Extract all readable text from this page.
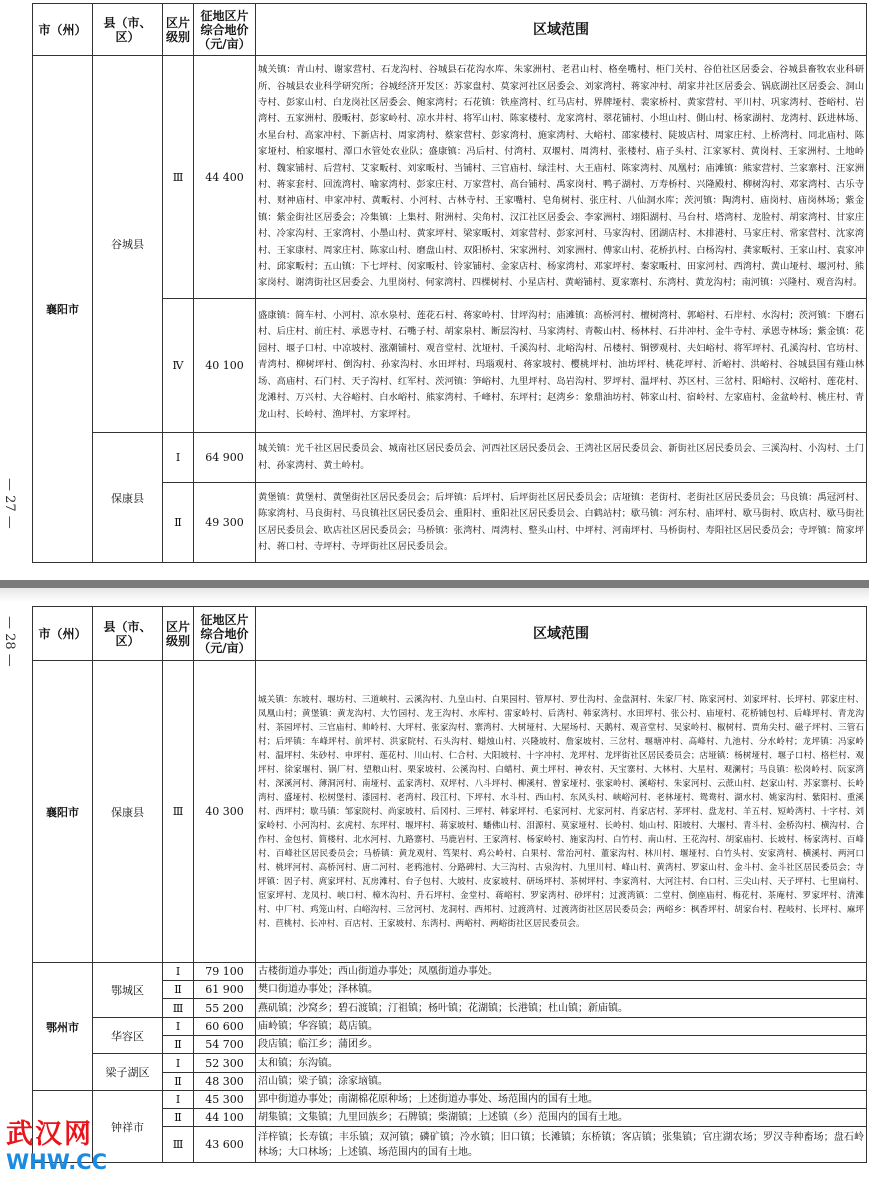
— 27 —
市（州）	县（市、区）	区片级别	征地区片综合地价（元/亩）	区域范围
襄阳市	谷城县	Ⅲ	44 400	城关镇：青山村、谢家营村、石龙沟村、谷城县石花沟水库、朱家洲村、老君山村、格垒嘴村、柜门关村、谷伯社区居委会、谷城县畜牧农业科研所、谷城县农业科学研究所；谷城经济开发区：苏家盘村、莫家河社区居委会、刘家湾村、蒋家冲村、胡家井社区居委会、锅底湖社区居委会、洞山寺村、彭家山村、白龙岗社区居委会、鲍家湾村；石花镇：铁座湾村、红马店村、界牌垭村、裴家桥村、黄家营村、平川村、巩家湾村、苍峪村、岩湾村、五家洲村、殷畈村、彭家岭村、凉水井村、将军山村、陈家楼村、龙家湾村、翠花铺村、小坦山村、側山村、杨家湖村、龙湾村、跃进林场、水星台村、高家冲村、下新店村、周家湾村、蔡家营村、彭家湾村、施家湾村、大峪村、邵家楼村、陡坡店村、周家庄村、上桥湾村、同北庙村、陈家垭村、柏家堰村、潭口水管处农业队；盛康镇：冯后村、付湾村、双堰村、周湾村、张楼村、庙子头村、江家冢村、黄岗村、王家洲村、土地岭村、魏家铺村、后营村、艾家畈村、刘家畈村、当铺村、三官庙村、绿洼村、大王庙村、陈家湾村、凤凰村；庙滩镇：熊家营村、兰家寨村、汪家洲村、蒋家套村、回流湾村、喻家湾村、彭家庄村、万家营村、高台铺村、禹家岗村、鸭子湖村、万寿桥村、兴隆殿村、柳树沟村、邓家湾村、古乐寺村、财神庙村、申家冲村、黄畈村、小河村、古林寺村、王家嘴村、皂角树村、张庄村、八仙洞水库；茨河镇：陶湾村、庙岗村、庙岗林场；紫金镇：紫金街社区居委会；冷集镇：上集村、附洲村、尖角村、汉江社区居委会、李家洲村、翊阳湖村、马台村、塔湾村、龙脸村、胡家湾村、甘家庄村、冷家沟村、王家湾村、小墨山村、黄家坪村、梁家畈村、刘家营村、彭家河村、马家沟村、团湖店村、木排港村、马家庄村、常家营村、沈家湾村、王家康村、周家庄村、陈家山村、磨盘山村、双阳桥村、宋家洲村、刘家洲村、傅家山村、花桥扒村、白杨沟村、龚家畈村、王家山村、袁家冲村、邱家畈村；五山镇：下七坪村、闵家畈村、铃家铺村、金家店村、杨家湾村、邓家坪村、秦家畈村、田家河村、西湾村、黄山垭村、堰河村、熊家岗村、谢湾街社区居委会、九里岗村、何家湾村、四棵树村、小星店村、黄峪铺村、夏家寨村、东湾村、黄龙沟村；南河镇：兴隆村、观音沟村。
		Ⅳ	40 100	盛康镇：简车村、小河村、凉水泉村、莲花石村、蒋家岭村、甘坪沟村；庙滩镇：高桥河村、檀树湾村、郭峪村、石岸村、水沟村；茨河镇：下磨石村、后庄村、前庄村、承恩寺村、石嘴子村、胡家泉村、断层沟村、马家湾村、青鞍山村、杨林村、石井冲村、金牛寺村、承恩寺林场；紫金镇：花园村、堰子口村、中凉坡村、涨潮铺村、观音堂村、沈垭村、千溪沟村、北峪沟村、吊楼村、铜锣观村、夫妇峪村、将军坪村、孔溪沟村、官坊村、青湾村、柳树坪村、倒沟村、孙家沟村、水田坪村、玛瑙观村、蒋家坡村、樱桃坪村、油坊坪村、桃花坪村、沂峪村、洪峪村、谷城县国有薤山林场、高庙村、石门村、天子沟村、红军村、茨河镇：笋峪村、九里坪村、岛岩沟村、罗坪村、温坪村、苏区村、三岔村、阳峪村、汉峪村、莲花村、龙滩村、万兴村、大谷峪村、白水峪村、熊家湾村、千峰村、东坪村；赵湾乡：象鼎油坊村、韩家山村、宿岭村、左家庙村、金盆岭村、桃庄村、青龙山村、长岭村、渔坪村、方家坪村。
	保康县	Ⅰ	64 900	城关镇：光千社区居民委员会、城南社区居民委员会、河西社区居民委员会、王湾社区居民委员会、新街社区居民委员会、三溪沟村、小沟村、土门村、孙家湾村、黄土岭村。
		Ⅱ	49 300	黄堡镇：黄堡村、黄堡街社区居民委员会；后坪镇：后坪村、后坪街社区居民委员会；店垭镇：老街村、老街社区居民委员会；马良镇：禹冠河村、陈家湾村、马良街村、马良镇社区居民委员会、重阳村、重阳社区居民委员会、白鹤站村；歇马镇：河东村、庙坪村、歇马街村、欧店村、歇马街社区居民委员会、欧店社区居民委员会；马桥镇：张湾村、周湾村、整头山村、中坪村、河南坪村、马桥街村、寿阳社区居民委员会；寺坪镇：简家坪村、蒋口村、寺坪村、寺坪街社区居民委员会。
— 28 — 市（州）	县（市、区）	区片级别	征地区片综合地价（元/亩）	区域范围
襄阳市	保康县	Ⅲ	40 300	城关镇：东坡村、堰坊村、三道峡村、云溪沟村、九皇山村、白果园村、管厚村、罗仕沟村、金盘洞村、朱家厂村、陈家河村、刘家坪村、长坪村、郭家庄村、凤凰山村；黄堡镇：黄龙沟村、大竹园村、龙王沟村、水库村、雷家岭村、后湾村、韩家湾村、水田坪村、张公村、庙垭村、花桥铺包村、后峰坪村、青龙沟村、茶园坪村、三官庙村、帅岭村、大坪村、张家沟村、寨湾村、大树垭村、大屋场村、天鹅村、观音堂村、吴家岭村、椒树村、贾角尖村、磁子坪村、三管石村；后坪镇：车峰坪村、前坪村、洪家院村、石头沟村、蜡烛山村、兴隆坡村、詹家坡村、三岔村、堰塘冲村、高峰村、九池村、分水岭村；龙坪镇：冯家岭村、温坪村、朱砂村、申坪村、莲花村、川山村、仁合村、大阳坡村、十字冲村、龙坪村、龙坪街社区居民委员会；店垭镇：杨树垭村、堰子口村、格栏村、观坪村、徐家堰村、锅厂村、望粮山村、栗家坡村、公溪沟村、白蜡村、黄土坪村、神农村、天宝寨村、大林村、大星村、观澜村；马良镇：松岗岭村、阮家湾村、深溪河村、薄洞河村、南垭村、孟家湾村、双坪村、八斗坪村、柳溪村、曾家垭村、张家岭村、溪峪村、朱家河村、云蔗山村、赵家山村、苏家寨村、长岭湾村、盛垭村、松树堡村、漆园村、老湾村、段江村、下坪村、水斗村、西山村、东风头村、峡峪河村、老林垭村、鸳鸯村、湖水村、姚家沟村、紫阳村、重溪村、西坪村；歇马镇：邹家院村、尚家坡村、后冈村、三坪村、韩家坪村、毛家河村、尤家河村、肖家店村、茅坪村、盘龙村、羊五村、短岭湾村、十字村、刘家岭村、小河沟村、玄虎村、东坪村、堰坪村、蒋家坡村、蟠佛山村、泪源村、莫家垭村、长岭村、灿山村、阳坡村、大堰村、青斗村、金桥沟村、横沟村、合作村、金包村、简楼村、北水河村、九路寨村、马鹿岩村、王家湾村、杨家岭村、施家沟村、白竹村、南山村、王花沟村、胡家庙村、长坡村、杨家湾村、百峰村、百峰社区居民委员会；马桥镇：黄龙观村、笃架村、鸡公岭村、白果村、常治河村、董家沟村、林川村、堰垭村、白竹头村、安家湾村、横溪村、两河口村、桃坪河村、高桥河村、唐二河村、老鸦池村、分路碑村、大三沟村、古泉沟村、九里川村、峰山村、黄湾村、罗家山村、金斗村、金斗社区居民委员会；寺坪镇：因子村、庹家坪村、瓦房滩村、台子包村、大坡村、皮家坡村、研场坪村、茶树坪村、李家湾村、大河注村、台口村、三尖山村、天子坪村、七里扁村、宦家坪村、龙凤村、峡口村、樟木沟村、升石坪村、金堂村、蒋峪村、罗家湾村、砂坪村；过渡湾镇：二堂村、倒座庙村、梅花村、茶庵村、罗家坪村、清滩村、中厂村、鸡笼山村、白峪沟村、三岔河村、龙洞村、西邦村、过渡湾村、过渡湾街社区居民委员会；两峪乡：枫香坪村、胡家台村、程岐村、长坪村、麻坪村、苣桃村、长冲村、百店村、王家坡村、东湾村、两峪村、两峪街社区居民委员会。
鄂州市	鄂城区	Ⅰ	79 100	古楼街道办事处；西山街道办事处；凤凰街道办事处。
		Ⅱ	61 900	樊口街道办事处；泽林镇。
		Ⅲ	55 200	燕矶镇；沙窝乡；碧石渡镇；汀祖镇；杨叶镇；花湖镇；长港镇；杜山镇；新庙镇。
	华容区	Ⅰ	60 600	庙岭镇；华容镇；葛店镇。
		Ⅱ	54 700	段店镇；临江乡；蒲团乡。
	梁子湖区	Ⅰ	52 300	太和镇；东沟镇。
		Ⅱ	48 300	沼山镇；梁子镇；涂家垴镇。
	钟祥市	Ⅰ	45 300	郢中街道办事处；南湖棉花原种场；上述街道办事处、场范围内的国有土地。
		Ⅱ	44 100	胡集镇；文集镇；九里回族乡；石牌镇；柴湖镇；上述镇（乡）范围内的国有土地。
		Ⅲ	43 600	洋梓镇；长寿镇；丰乐镇；双河镇；磷矿镇；冷水镇；旧口镇；长滩镇；东桥镇；客店镇；张集镇；官庄湖农场；罗汉寺种畜场；盘石岭林场；大口林场；上述镇、场范围内的国有土地。
武汉网
WHW.CC
